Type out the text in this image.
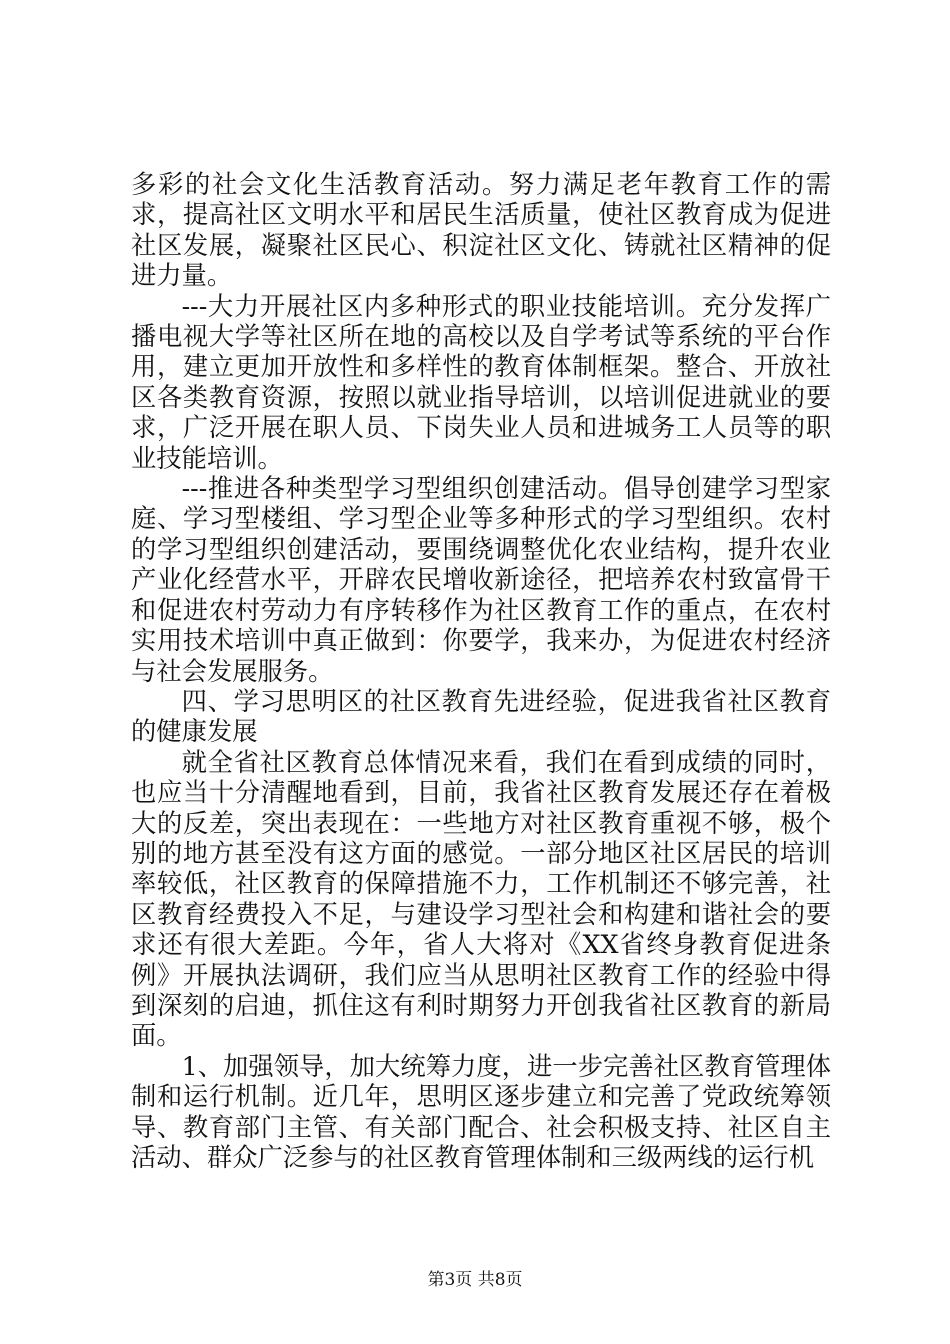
多彩的社会文化生活教育活动。努力满足老年教育工作的需求，提高社区文明水平和居民生活质量，使社区教育成为促进社区发展，凝聚社区民心、积淀社区文化、铸就社区精神的促进力量。

---大力开展社区内多种形式的职业技能培训。充分发挥广播电视大学等社区所在地的高校以及自学考试等系统的平台作用，建立更加开放性和多样性的教育体制框架。整合、开放社区各类教育资源，按照以就业指导培训，以培训促进就业的要求，广泛开展在职人员、下岗失业人员和进城务工人员等的职业技能培训。

---推进各种类型学习型组织创建活动。倡导创建学习型家庭、学习型楼组、学习型企业等多种形式的学习型组织。农村的学习型组织创建活动，要围绕调整优化农业结构，提升农业产业化经营水平，开辟农民增收新途径，把培养农村致富骨干和促进农村劳动力有序转移作为社区教育工作的重点，在农村实用技术培训中真正做到：你要学，我来办，为促进农村经济与社会发展服务。

四、学习思明区的社区教育先进经验，促进我省社区教育的健康发展

就全省社区教育总体情况来看，我们在看到成绩的同时，也应当十分清醒地看到，目前，我省社区教育发展还存在着极大的反差，突出表现在：一些地方对社区教育重视不够，极个别的地方甚至没有这方面的感觉。一部分地区社区居民的培训率较低，社区教育的保障措施不力，工作机制还不够完善，社区教育经费投入不足，与建设学习型社会和构建和谐社会的要求还有很大差距。今年，省人大将对《XX省终身教育促进条例》开展执法调研，我们应当从思明社区教育工作的经验中得到深刻的启迪，抓住这有利时期努力开创我省社区教育的新局面。

1、加强领导，加大统筹力度，进一步完善社区教育管理体制和运行机制。近几年，思明区逐步建立和完善了党政统筹领导、教育部门主管、有关部门配合、社会积极支持、社区自主活动、群众广泛参与的社区教育管理体制和三级两线的运行机

第3页 共8页
